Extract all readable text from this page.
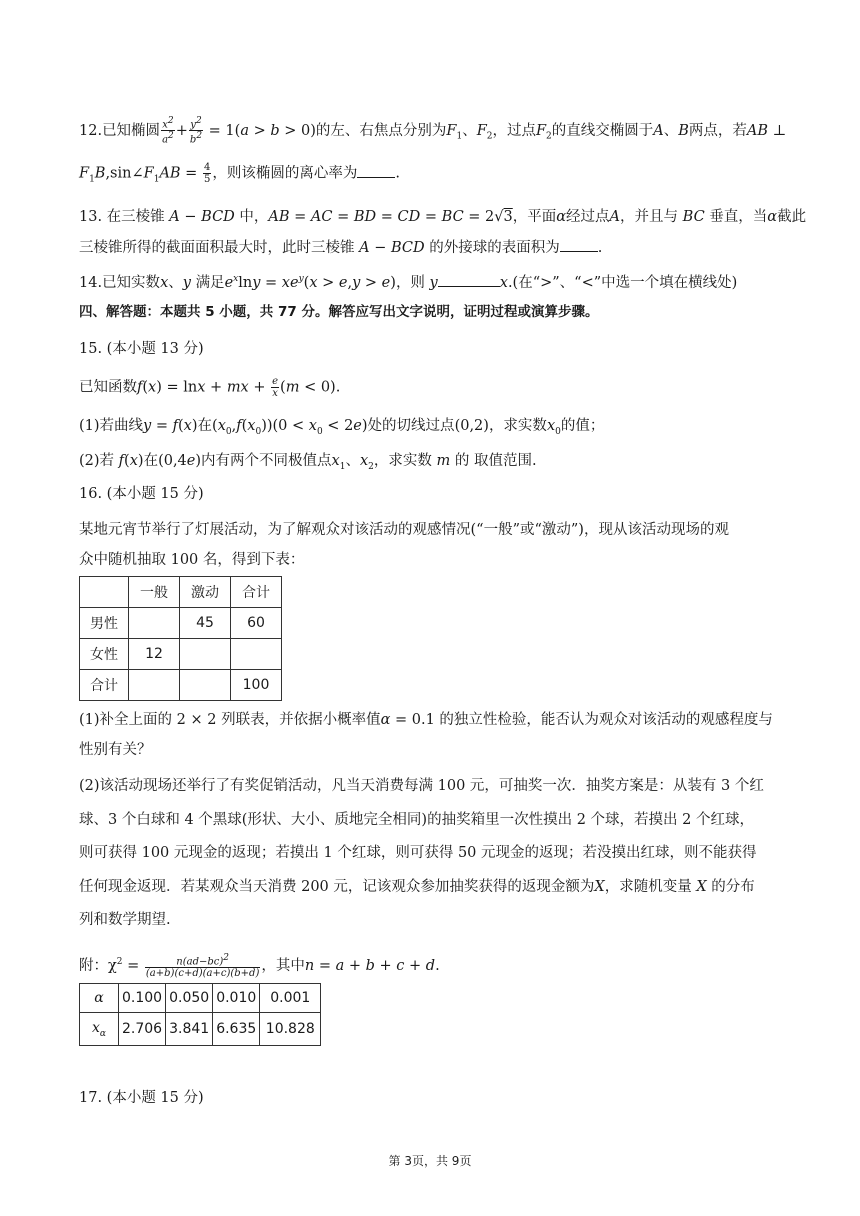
12.已知椭圆 $\frac{x^2}{a^2} + \frac{y^2}{b^2} = 1(a > b > 0)$的左、右焦点分别为$F_1$、$F_2$，过点$F_2$的直线交椭圆于A、B两点，若AB ⊥
$F_1B,\sin\angle F_1AB = \frac{4}{5}$ ，则该椭圆的离心率为	.
13. 在三棱锥 A − BCD 中，AB = AC = BD = CD = BC = 2√3，平面α经过点A，并且与 BC 垂直，当α截此
三棱锥所得的截面面积最大时，此时三棱锥 A − BCD 的外接球的表面积为	.
14.已知实数x、y 满足$e^x\ln y = xe^y(x > e,y > e)$，则 y	x.(在“>”、“<”中选一个填在横线处)
四、解答题：本题共 5 小题，共 77 分。解答应写出文字说明，证明过程或演算步骤。
15. (本小题 13 分)
已知函数f(x) = lnx + mx + $\frac{e}{x} (m < 0)$.
(1)若曲线y = f(x)在$(x_0,f(x_0))(0 < x_0 < 2e)$处的切线过点(0,2)，求实数$x_0$的值；
(2)若 f(x)在(0,4e)内有两个不同极值点$x_1$、$x_2$，求实数 m 的 取值范围.
16. (本小题 15 分)
某地元宵节举行了灯展活动，为了解观众对该活动的观感情况(“一般”或“激动”)，现从该活动现场的观
众中随机抽取 100 名，得到下表：
	一般	激动	合计
男性		45	60
女性	12		
合计			100
(1)补全上面的 2 × 2 列联表，并依据小概率值α = 0.1 的独立性检验，能否认为观众对该活动的观感程度与
性别有关？
(2)该活动现场还举行了有奖促销活动，凡当天消费每满 100 元，可抽奖一次．抽奖方案是：从装有 3 个红
球、3 个白球和 4 个黑球(形状、大小、质地完全相同)的抽奖箱里一次性摸出 2 个球，若摸出 2 个红球，
则可获得 100 元现金的返现；若摸出 1 个红球，则可获得 50 元现金的返现；若没摸出红球，则不能获得
任何现金返现．若某观众当天消费 200 元，记该观众参加抽奖获得的返现金额为X，求随机变量 X 的分布
列和数学期望.
附：$\chi^2 = \frac{n(ad-bc)^2}{(a+b)(c+d)(a+c)(b+d)}$ ，其中n = a + b + c + d.
α	0.100	0.050	0.010	0.001
$x_\alpha$	2.706	3.841	6.635	10.828
17. (本小题 15 分)
第 3页，共 9页
